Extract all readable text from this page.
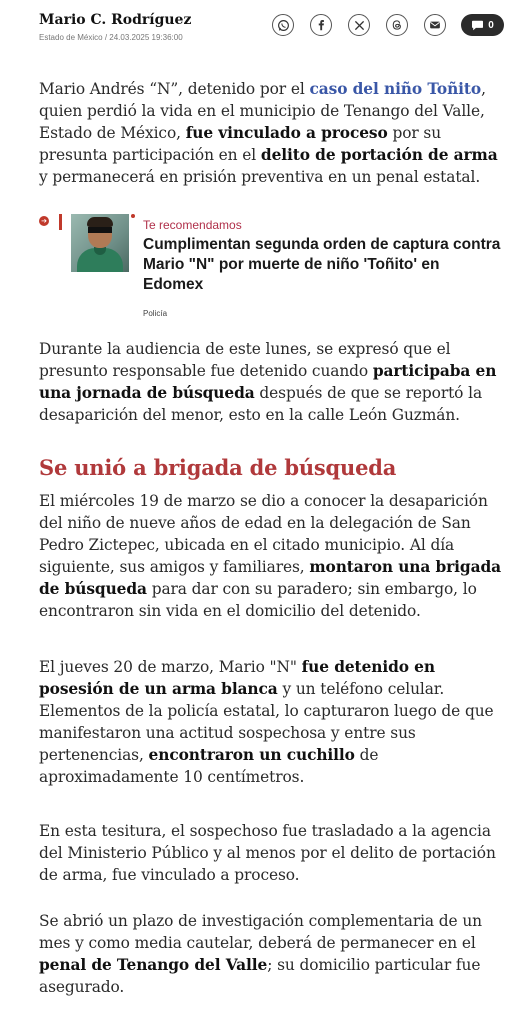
Mario C. Rodríguez
Estado de México / 24.03.2025 19:36:00
0

Mario Andrés “N”, detenido por el caso del niño Toñito, quien perdió la vida en el municipio de Tenango del Valle, Estado de México, fue vinculado a proceso por su presunta participación en el delito de portación de arma y permanecerá en prisión preventiva en un penal estatal.

➔	Te recomendamos
Cumplimentan segunda orden de captura contra Mario "N" por muerte de niño 'Toñito' en Edomex
Policía

Durante la audiencia de este lunes, se expresó que el presunto responsable fue detenido cuando participaba en una jornada de búsqueda después de que se reportó la desaparición del menor, esto en la calle León Guzmán.

Se unió a brigada de búsqueda

El miércoles 19 de marzo se dio a conocer la desaparición del niño de nueve años de edad en la delegación de San Pedro Zictepec, ubicada en el citado municipio. Al día siguiente, sus amigos y familiares, montaron una brigada de búsqueda para dar con su paradero; sin embargo, lo encontraron sin vida en el domicilio del detenido.

El jueves 20 de marzo, Mario "N" fue detenido en posesión de un arma blanca y un teléfono celular. Elementos de la policía estatal, lo capturaron luego de que manifestaron una actitud sospechosa y entre sus pertenencias, encontraron un cuchillo de aproximadamente 10 centímetros.

En esta tesitura, el sospechoso fue trasladado a la agencia del Ministerio Público y al menos por el delito de portación de arma, fue vinculado a proceso.

Se abrió un plazo de investigación complementaria de un mes y como media cautelar, deberá de permanecer en el penal de Tenango del Valle; su domicilio particular fue asegurado.
